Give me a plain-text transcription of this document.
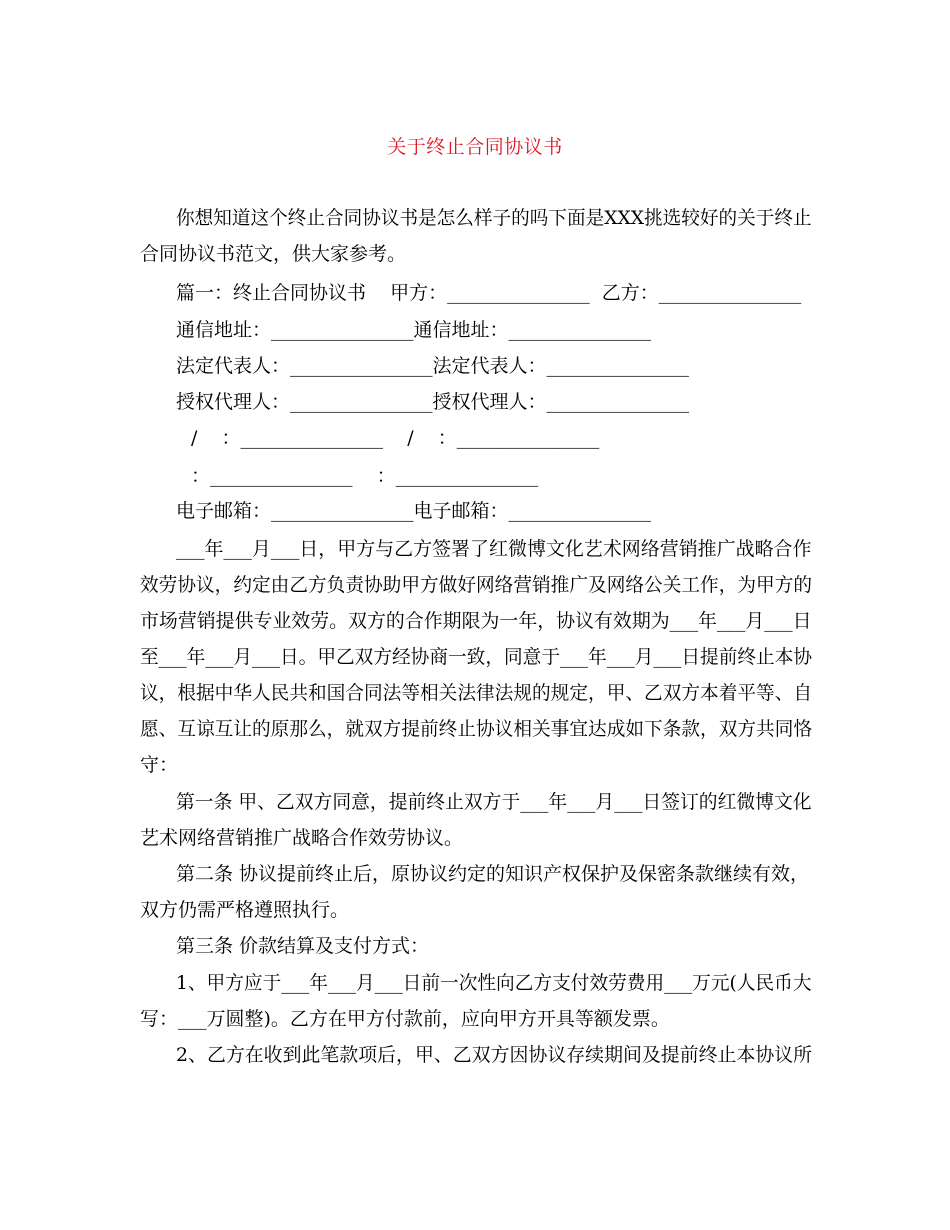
关于终止合同协议书
你想知道这个终止合同协议书是怎么样子的吗下面是XXX挑选较好的关于终止
合同协议书范文，供大家参考。
篇一：终止合同协议书    甲方：_______________  乙方：_______________
通信地址：_______________通信地址：_______________
法定代表人：_______________法定代表人：_______________
授权代理人：_______________授权代理人：_______________
/    ：_______________    /    ：_______________
：_______________    ：_______________
电子邮箱：_______________电子邮箱：_______________
___年___月___日，甲方与乙方签署了红微博文化艺术网络营销推广战略合作
效劳协议，约定由乙方负责协助甲方做好网络营销推广及网络公关工作，为甲方的
市场营销提供专业效劳。双方的合作期限为一年，协议有效期为___年___月___日
至___年___月___日。甲乙双方经协商一致，同意于___年___月___日提前终止本协
议，根据中华人民共和国合同法等相关法律法规的规定，甲、乙双方本着平等、自
愿、互谅互让的原那么，就双方提前终止协议相关事宜达成如下条款，双方共同恪
守：
第一条 甲、乙双方同意，提前终止双方于___年___月___日签订的红微博文化
艺术网络营销推广战略合作效劳协议。
第二条 协议提前终止后，原协议约定的知识产权保护及保密条款继续有效，
双方仍需严格遵照执行。
第三条 价款结算及支付方式：
1、甲方应于___年___月___日前一次性向乙方支付效劳费用___万元(人民币大
写：___万圆整)。乙方在甲方付款前，应向甲方开具等额发票。
2、乙方在收到此笔款项后，甲、乙双方因协议存续期间及提前终止本协议所
